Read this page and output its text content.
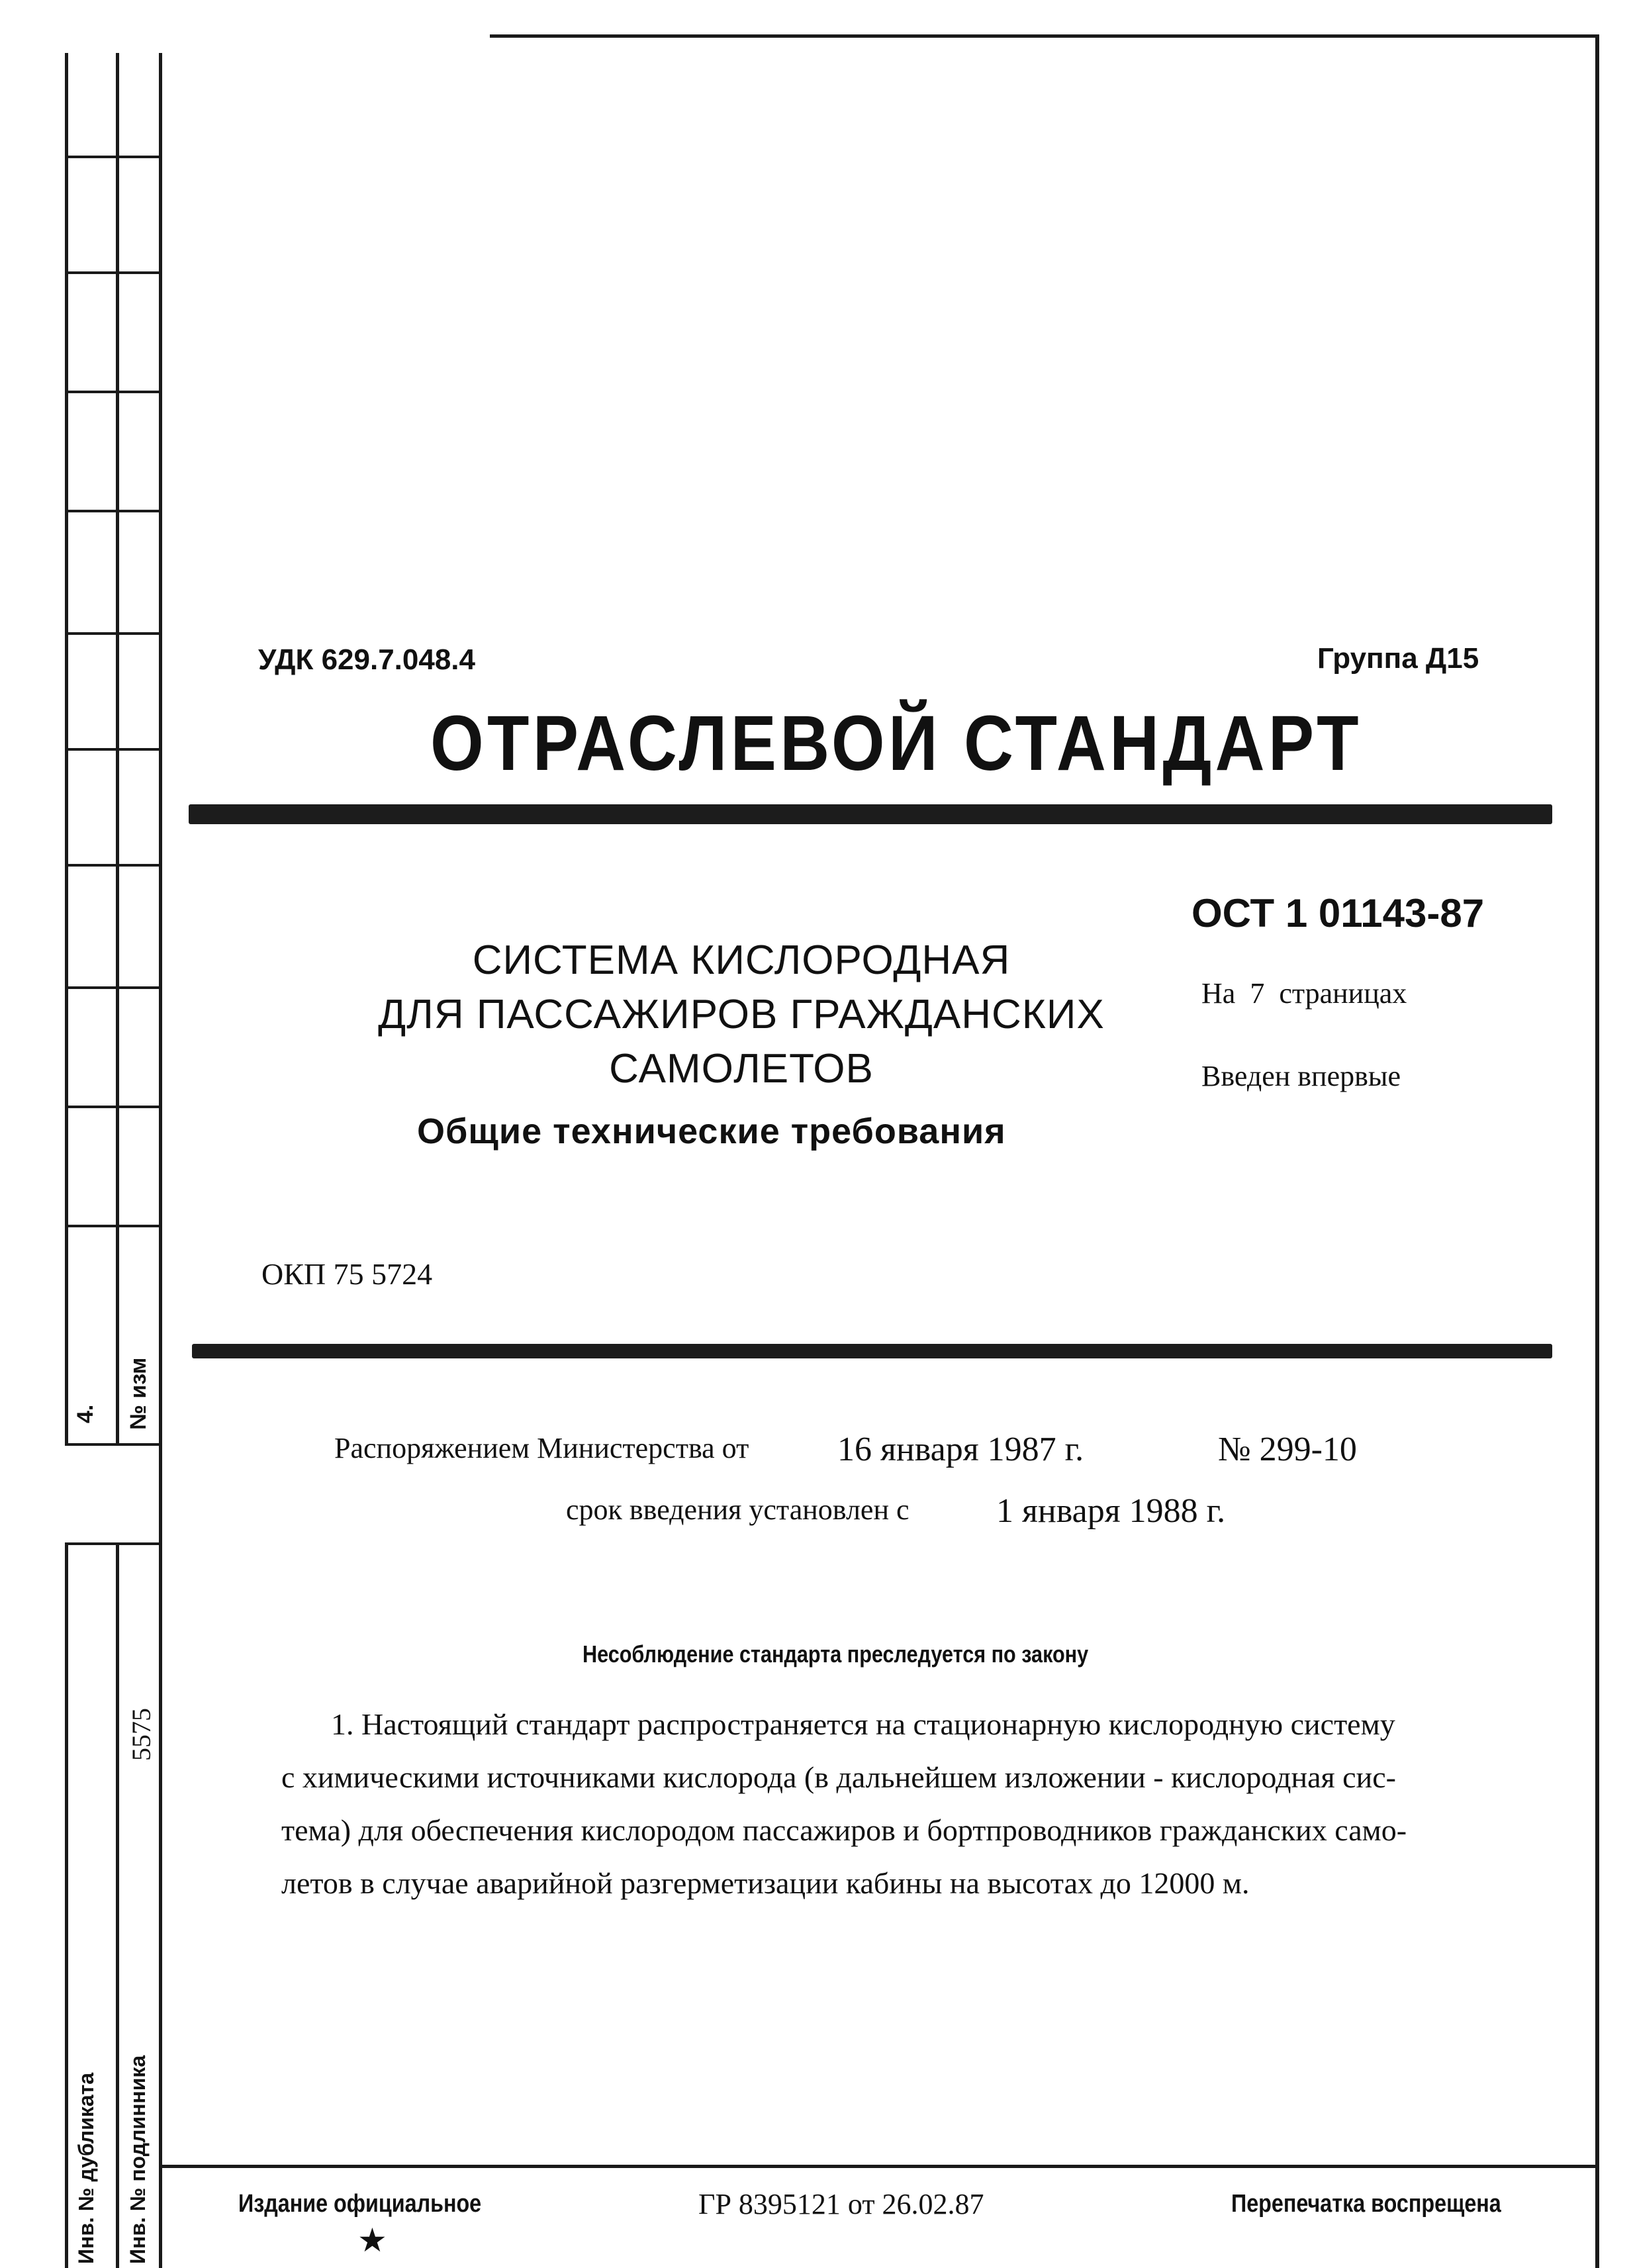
4. № изм
5575
Инв. № дубликата Инв. № подлинника
УДК 629.7.048.4	Группа Д15
ОТРАСЛЕВОЙ СТАНДАРТ
СИСТЕМА КИСЛОРОДНАЯ
ДЛЯ ПАССАЖИРОВ ГРАЖДАНСКИХ
САМОЛЕТОВ
Общие технические требования
ОСТ 1 01143-87
На 7 страницах
Введен впервые
ОКП 75 5724
Распоряжением Министерства от	16 января 1987 г.	№ 299-10
срок введения установлен с	1 января 1988 г.
Несоблюдение стандарта преследуется по закону
1. Настоящий стандарт распространяется на стационарную кислородную систему
с химическими источниками кислорода (в дальнейшем изложении - кислородная сис-
тема) для обеспечения кислородом пассажиров и бортпроводников гражданских само-
летов в случае аварийной разгерметизации кабины на высотах до 12000 м.
Издание официальное
★
ГР 8395121 от 26.02.87	Перепечатка воспрещена
